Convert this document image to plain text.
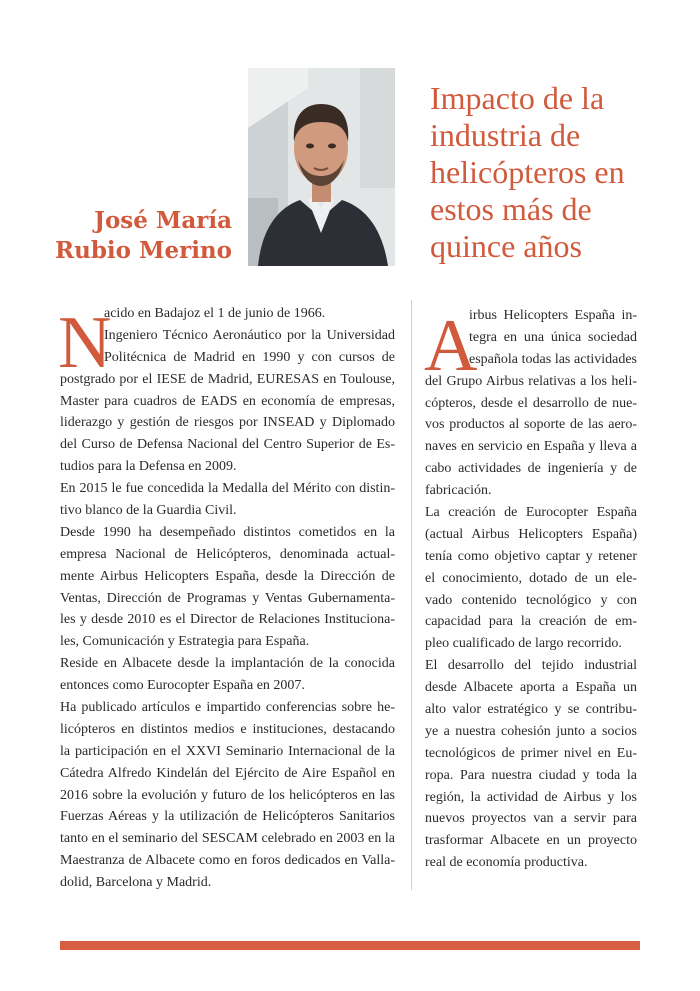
José María
Rubio Merino
Impacto de la
industria de
helicópteros en
estos más de
quince años
N
acido en Badajoz el 1 de junio de 1966.
Ingeniero Técnico Aeronáutico por la Universidad
Politécnica de Madrid en 1990 y con cursos de
postgrado por el IESE de Madrid, EURESAS en Toulouse,
Master para cuadros de EADS en economía de empresas,
liderazgo y gestión de riesgos por INSEAD y Diplomado
del Curso de Defensa Nacional del Centro Superior de Es-
tudios para la Defensa en 2009.
En 2015 le fue concedida la Medalla del Mérito con distin-
tivo blanco de la Guardia Civil.
Desde 1990 ha desempeñado distintos cometidos en la
empresa Nacional de Helicópteros, denominada actual-
mente Airbus Helicopters España, desde la Dirección de
Ventas, Dirección de Programas y Ventas Gubernamenta-
les y desde 2010 es el Director de Relaciones Instituciona-
les, Comunicación y Estrategia para España.
Reside en Albacete desde la implantación de la conocida
entonces como Eurocopter España en 2007.
Ha publicado artículos e impartido conferencias sobre he-
licópteros en distintos medios e instituciones, destacando
la participación en el XXVI Seminario Internacional de la
Cátedra Alfredo Kindelán del Ejército de Aire Español en
2016 sobre la evolución y futuro de los helicópteros en las
Fuerzas Aéreas y la utilización de Helicópteros Sanitarios
tanto en el seminario del SESCAM celebrado en 2003 en la
Maestranza de Albacete como en foros dedicados en Valla-
dolid, Barcelona y Madrid.
A
irbus Helicopters España in-
tegra en una única sociedad
española todas las actividades
del Grupo Airbus relativas a los heli-
cópteros, desde el desarrollo de nue-
vos productos al soporte de las aero-
naves en servicio en España y lleva a
cabo actividades de ingeniería y de
fabricación.
La creación de Eurocopter España
(actual Airbus Helicopters España)
tenía como objetivo captar y retener
el conocimiento, dotado de un ele-
vado contenido tecnológico y con
capacidad para la creación de em-
pleo cualificado de largo recorrido.
El desarrollo del tejido industrial
desde Albacete aporta a España un
alto valor estratégico y se contribu-
ye a nuestra cohesión junto a socios
tecnológicos de primer nivel en Eu-
ropa. Para nuestra ciudad y toda la
región, la actividad de Airbus y los
nuevos proyectos van a servir para
trasformar Albacete en un proyecto
real de economía productiva.
